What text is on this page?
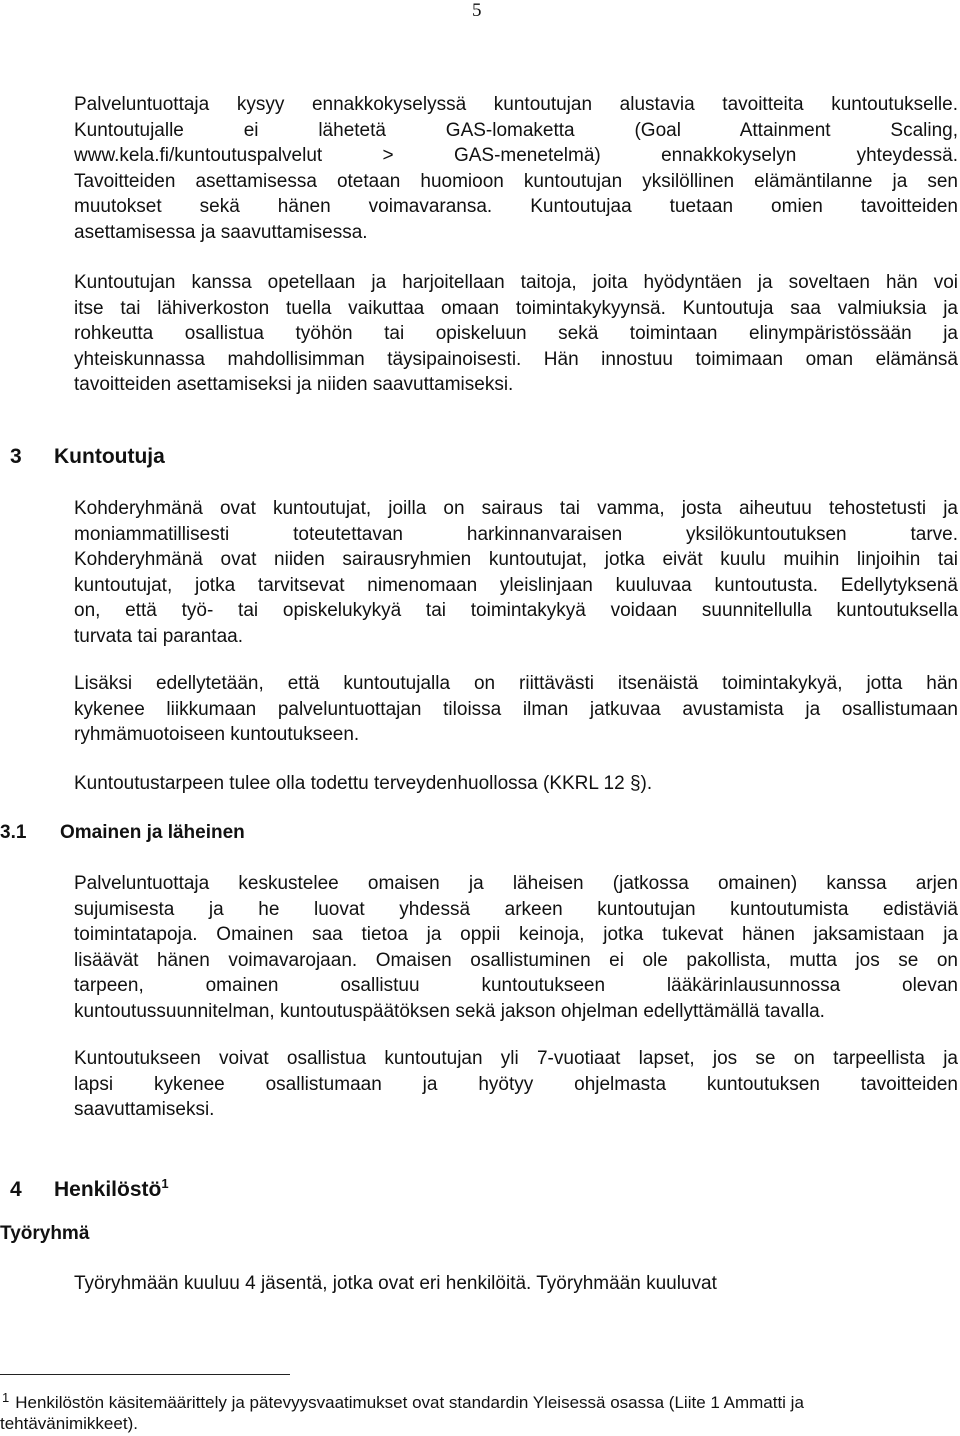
5
Palveluntuottaja kysyy ennakkokyselyssä kuntoutujan alustavia tavoitteita kuntoutukselle.
Kuntoutujalle ei lähetetä GAS-lomaketta (Goal Attainment Scaling,
www.kela.fi/kuntoutuspalvelut > GAS-menetelmä) ennakkokyselyn yhteydessä.
Tavoitteiden asettamisessa otetaan huomioon kuntoutujan yksilöllinen elämäntilanne ja sen
muutokset sekä hänen voimavaransa. Kuntoutujaa tuetaan omien tavoitteiden
asettamisessa ja saavuttamisessa.
Kuntoutujan kanssa opetellaan ja harjoitellaan taitoja, joita hyödyntäen ja soveltaen hän voi
itse tai lähiverkoston tuella vaikuttaa omaan toimintakykyynsä. Kuntoutuja saa valmiuksia ja
rohkeutta osallistua työhön tai opiskeluun sekä toimintaan elinympäristössään ja
yhteiskunnassa mahdollisimman täysipainoisesti. Hän innostuu toimimaan oman elämänsä
tavoitteiden asettamiseksi ja niiden saavuttamiseksi.
3 Kuntoutuja
Kohderyhmänä ovat kuntoutujat, joilla on sairaus tai vamma, josta aiheutuu tehostetusti ja
moniammatillisesti toteutettavan harkinnanvaraisen yksilökuntoutuksen tarve.
Kohderyhmänä ovat niiden sairausryhmien kuntoutujat, jotka eivät kuulu muihin linjoihin tai
kuntoutujat, jotka tarvitsevat nimenomaan yleislinjaan kuuluvaa kuntoutusta. Edellytyksenä
on, että työ- tai opiskelukykyä tai toimintakykyä voidaan suunnitellulla kuntoutuksella
turvata tai parantaa.
Lisäksi edellytetään, että kuntoutujalla on riittävästi itsenäistä toimintakykyä, jotta hän
kykenee liikkumaan palveluntuottajan tiloissa ilman jatkuvaa avustamista ja osallistumaan
ryhmämuotoiseen kuntoutukseen.
Kuntoutustarpeen tulee olla todettu terveydenhuollossa (KKRL 12 §).
3.1 Omainen ja läheinen
Palveluntuottaja keskustelee omaisen ja läheisen (jatkossa omainen) kanssa arjen
sujumisesta ja he luovat yhdessä arkeen kuntoutujan kuntoutumista edistäviä
toimintatapoja. Omainen saa tietoa ja oppii keinoja, jotka tukevat hänen jaksamistaan ja
lisäävät hänen voimavarojaan. Omaisen osallistuminen ei ole pakollista, mutta jos se on
tarpeen, omainen osallistuu kuntoutukseen lääkärinlausunnossa olevan
kuntoutussuunnitelman, kuntoutuspäätöksen sekä jakson ohjelman edellyttämällä tavalla.
Kuntoutukseen voivat osallistua kuntoutujan yli 7-vuotiaat lapset, jos se on tarpeellista ja
lapsi kykenee osallistumaan ja hyötyy ohjelmasta kuntoutuksen tavoitteiden
saavuttamiseksi.
4 Henkilöstö$^1$
Työryhmä
Työryhmään kuuluu 4 jäsentä, jotka ovat eri henkilöitä. Työryhmään kuuluvat
$^1$ Henkilöstön käsitemäärittely ja pätevyysvaatimukset ovat standardin Yleisessä osassa (Liite 1 Ammatti ja
tehtävänimikkeet).
